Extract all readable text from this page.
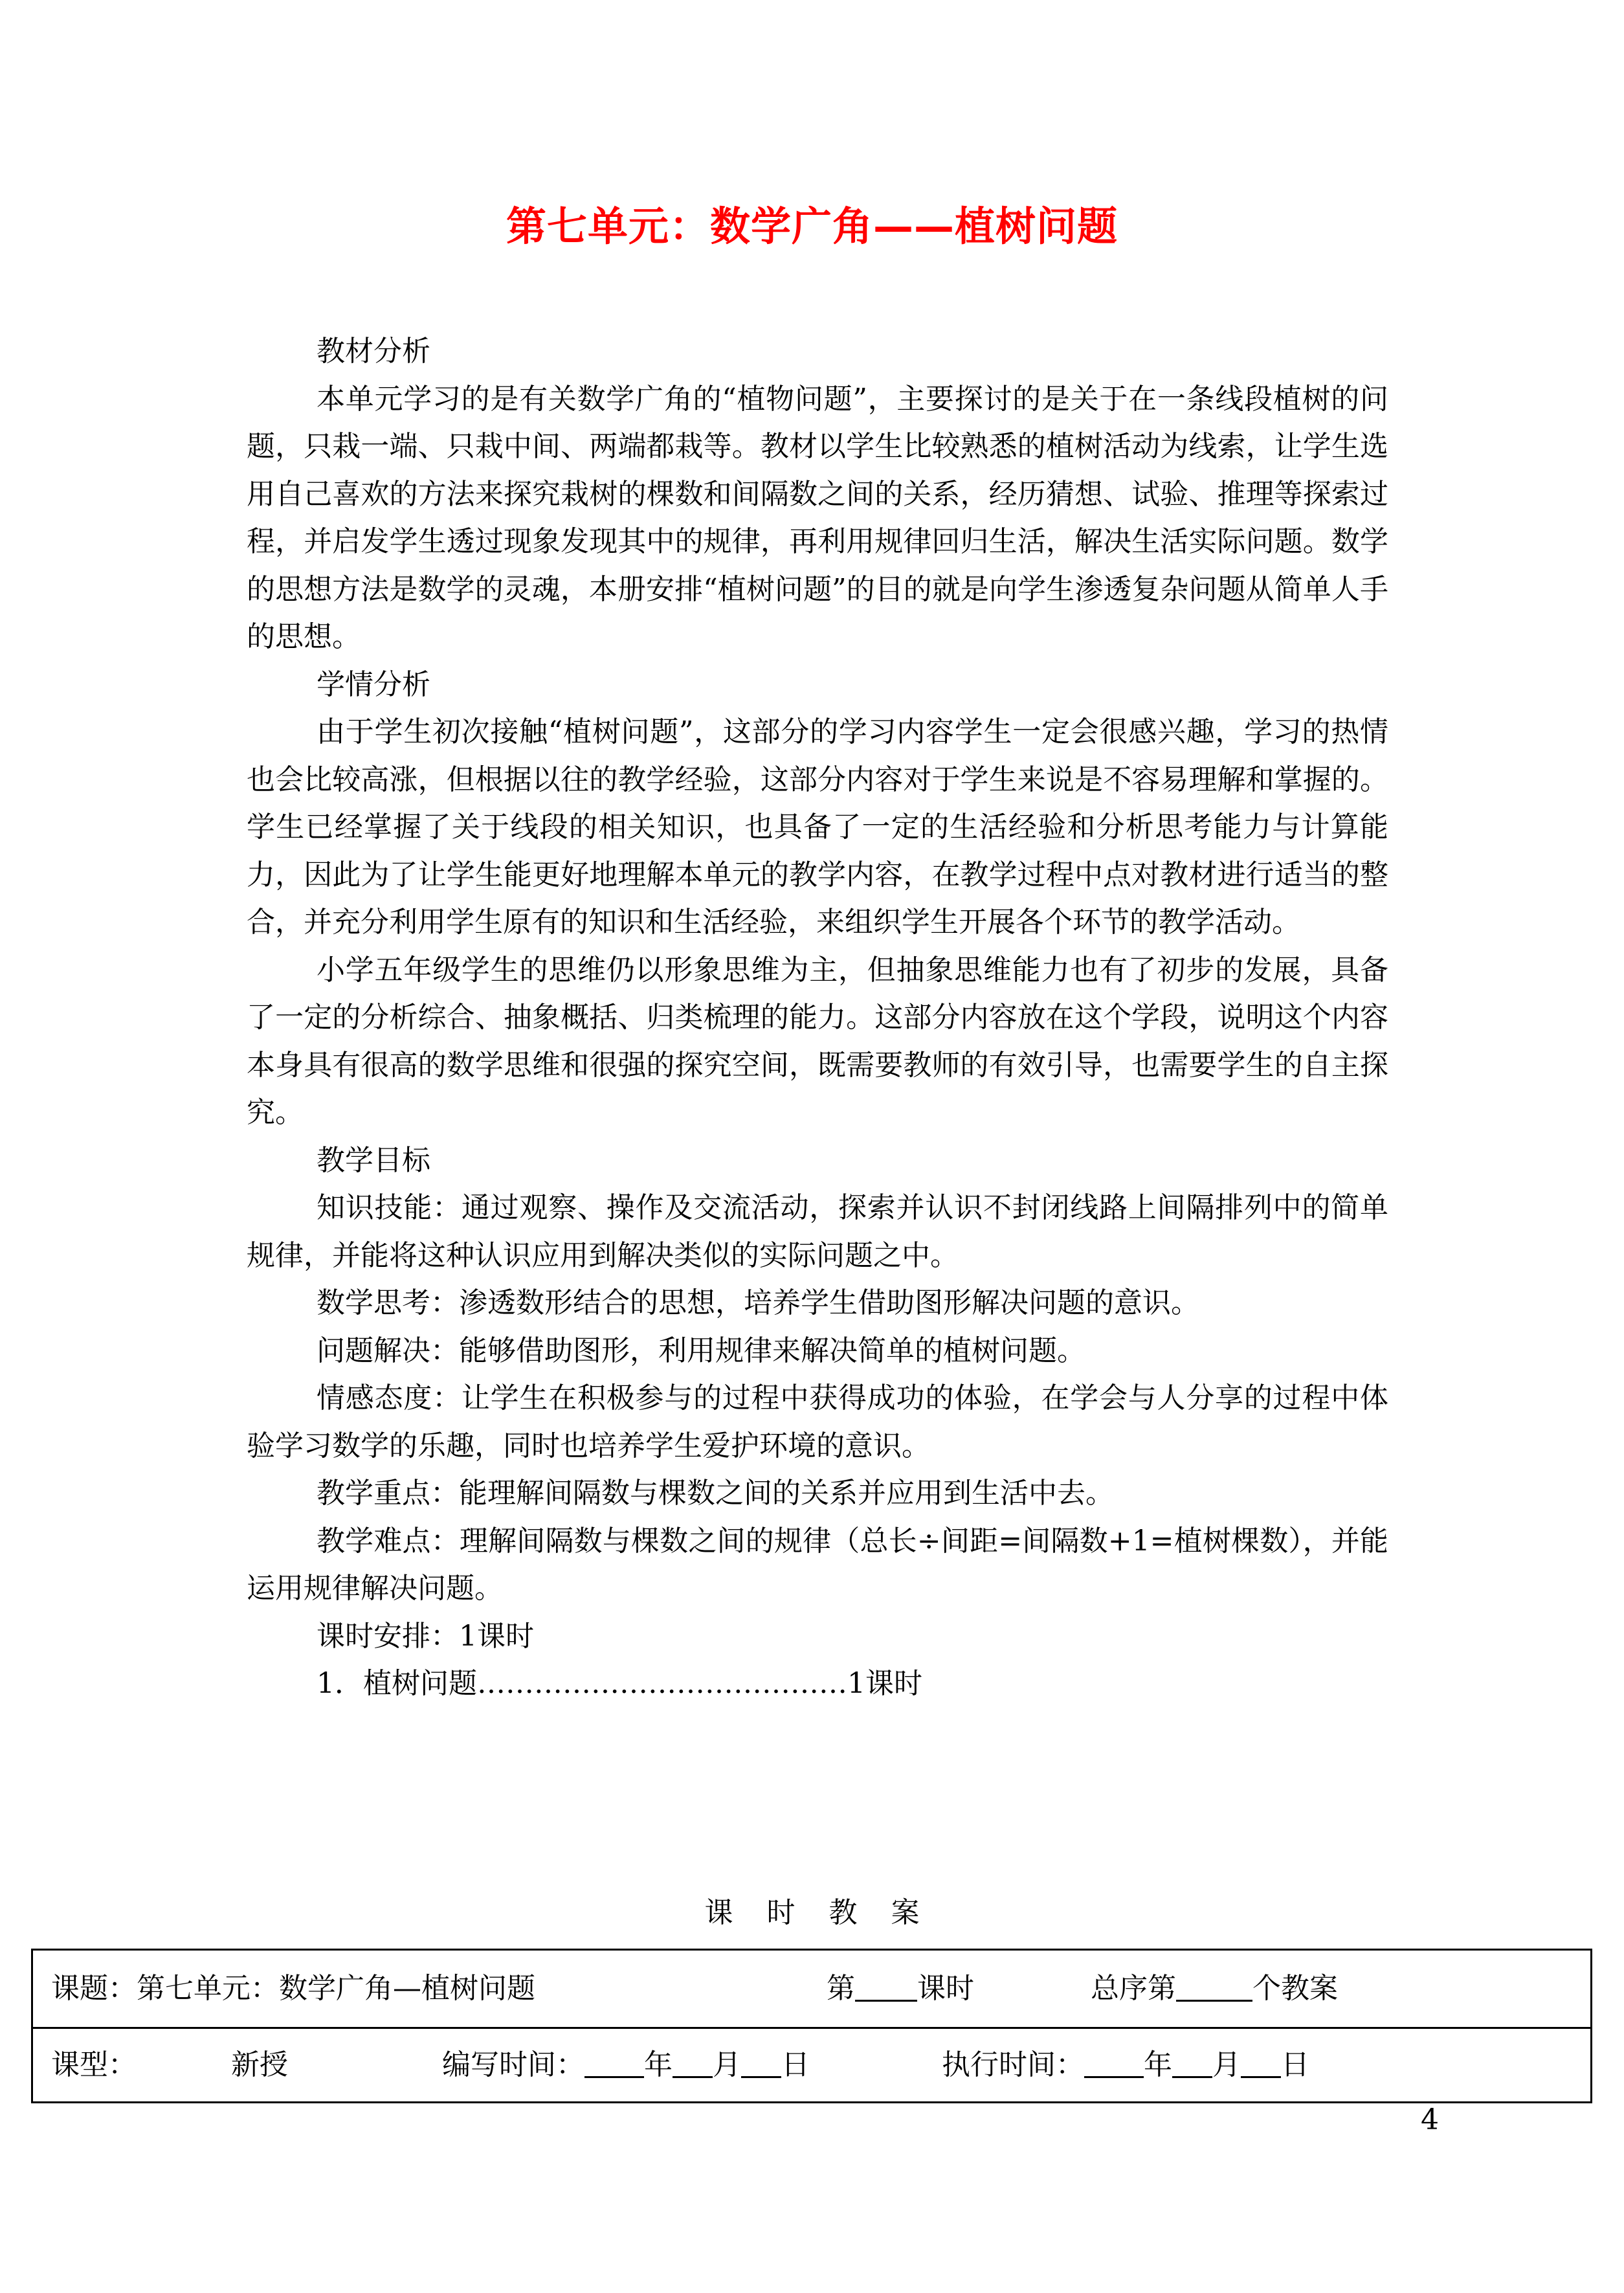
第七单元：数学广角——植树问题

教材分析

本单元学习的是有关数学广角的“植物问题”，主要探讨的是关于在一条线段植树的问题，只栽一端、只栽中间、两端都栽等。教材以学生比较熟悉的植树活动为线索，让学生选用自己喜欢的方法来探究栽树的棵数和间隔数之间的关系，经历猜想、试验、推理等探索过程，并启发学生透过现象发现其中的规律，再利用规律回归生活，解决生活实际问题。数学的思想方法是数学的灵魂，本册安排“植树问题”的目的就是向学生渗透复杂问题从简单人手的思想。

学情分析

由于学生初次接触“植树问题”，这部分的学习内容学生一定会很感兴趣，学习的热情也会比较高涨，但根据以往的教学经验，这部分内容对于学生来说是不容易理解和掌握的。学生已经掌握了关于线段的相关知识，也具备了一定的生活经验和分析思考能力与计算能力，因此为了让学生能更好地理解本单元的教学内容，在教学过程中点对教材进行适当的整合，并充分利用学生原有的知识和生活经验，来组织学生开展各个环节的教学活动。

小学五年级学生的思维仍以形象思维为主，但抽象思维能力也有了初步的发展，具备了一定的分析综合、抽象概括、归类梳理的能力。这部分内容放在这个学段，说明这个内容本身具有很高的数学思维和很强的探究空间，既需要教师的有效引导，也需要学生的自主探究。

教学目标

知识技能：通过观察、操作及交流活动，探索并认识不封闭线路上间隔排列中的简单规律，并能将这种认识应用到解决类似的实际问题之中。

数学思考：渗透数形结合的思想，培养学生借助图形解决问题的意识。

问题解决：能够借助图形，利用规律来解决简单的植树问题。

情感态度：让学生在积极参与的过程中获得成功的体验，在学会与人分享的过程中体验学习数学的乐趣，同时也培养学生爱护环境的意识。

教学重点：能理解间隔数与棵数之间的关系并应用到生活中去。

教学难点：理解间隔数与棵数之间的规律（总长÷间距=间隔数+1=植树棵数），并能运用规律解决问题。

课时安排：1课时

1．植树问题…………………………………1课时

课时教案
课题：第七单元：数学广角—植树问题	第 课时	总序第	个教案
课型：	新授	编写时间： 年 月 日	执行时间： 年 月 日
4
